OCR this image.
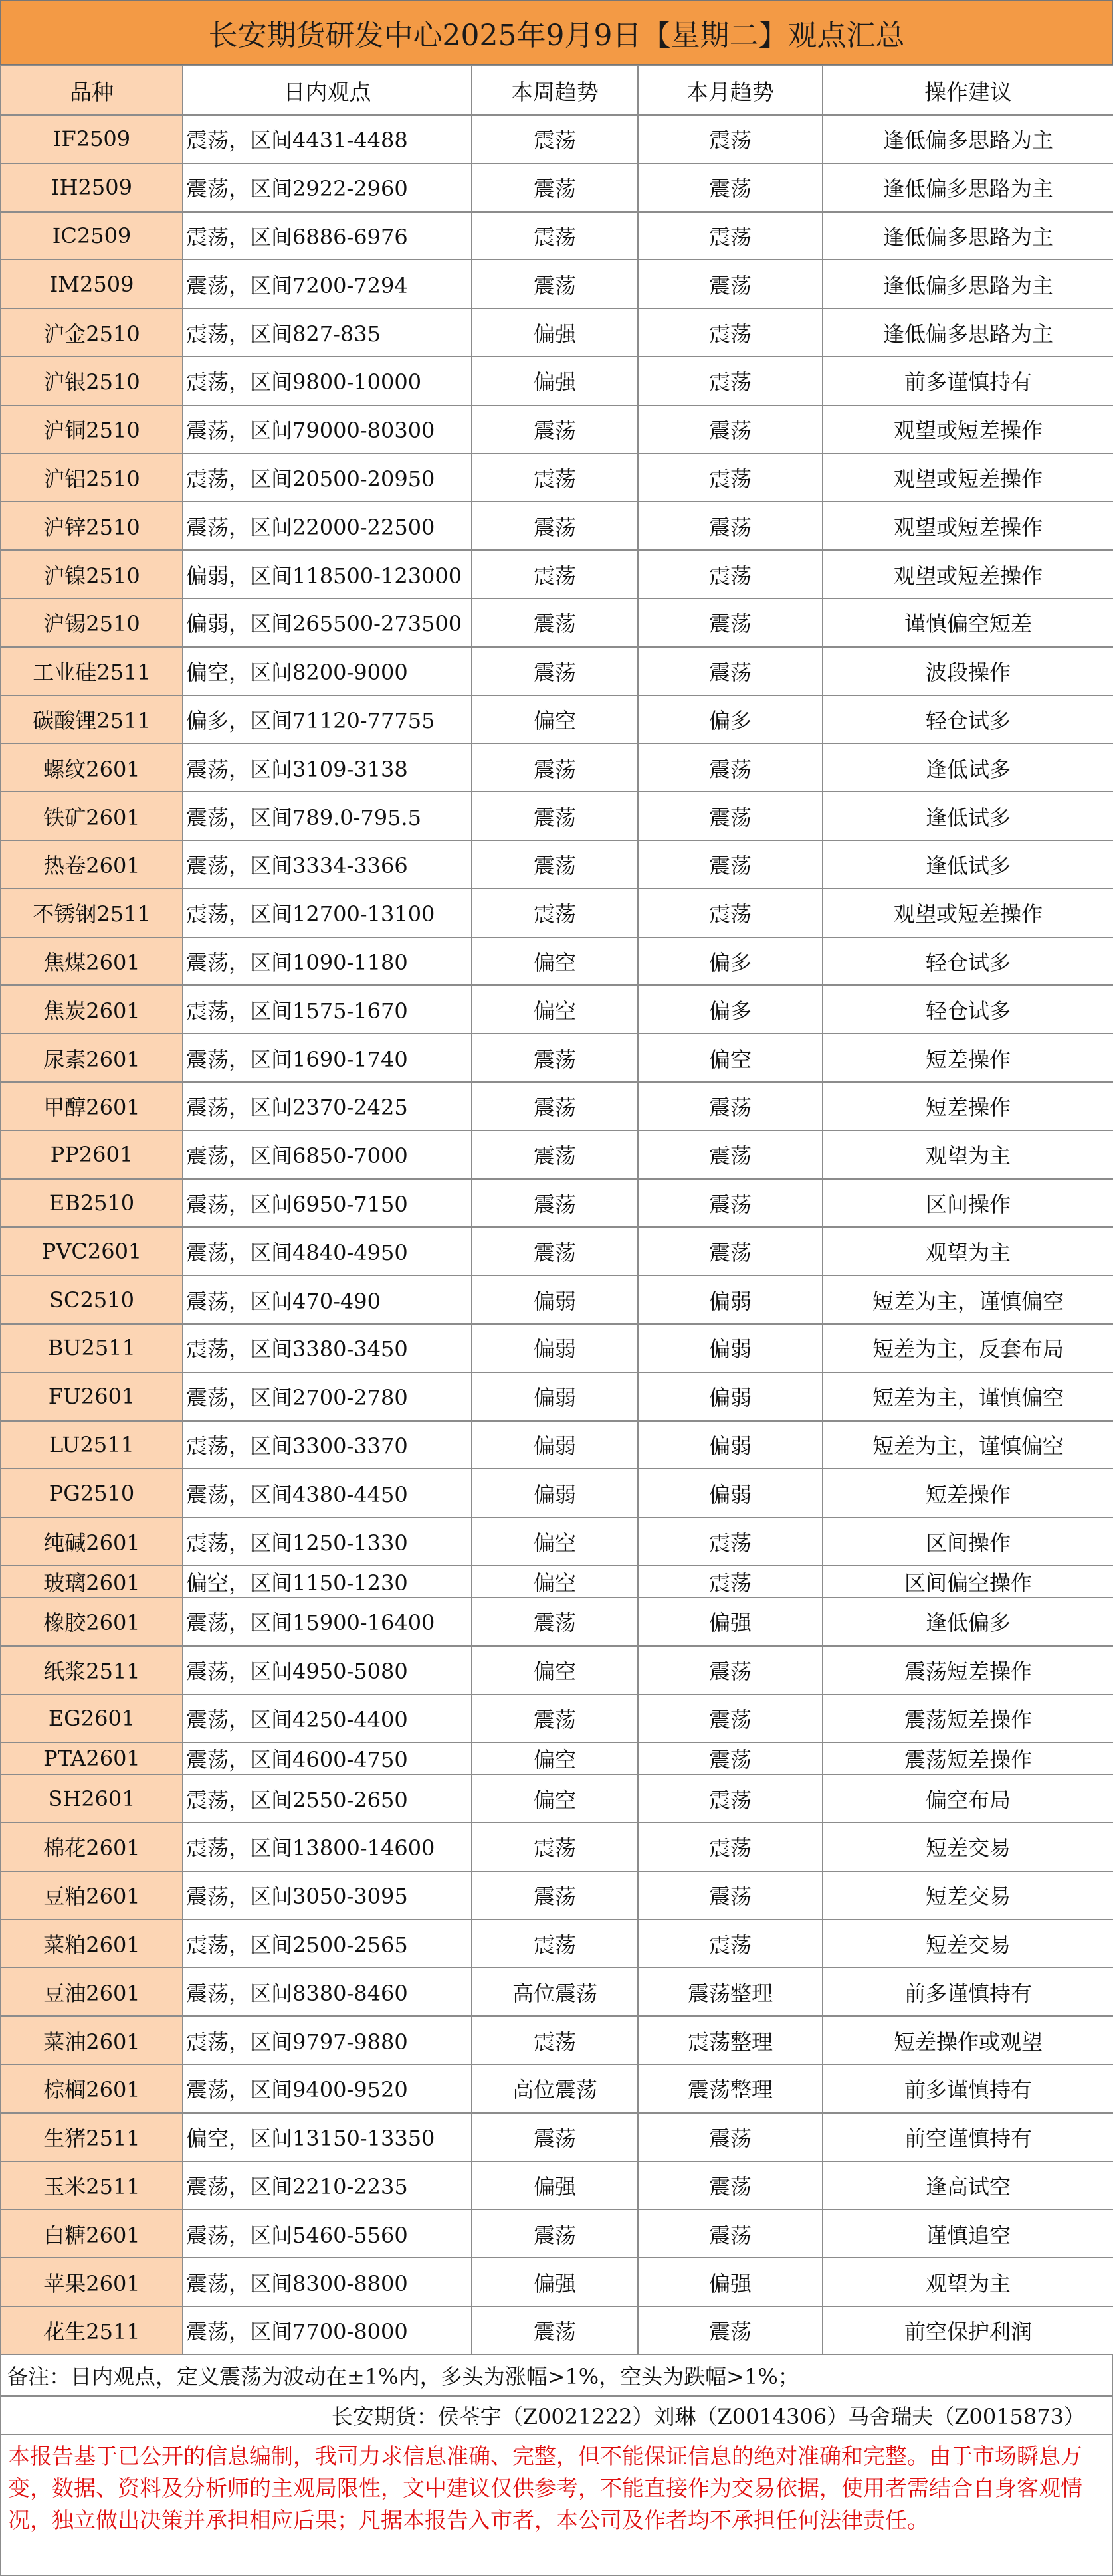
长安期货研发中心2025年9月9日【星期二】观点汇总
品种	日内观点	本周趋势	本月趋势	操作建议
IF2509	震荡，区间4431-4488	震荡	震荡	逢低偏多思路为主
IH2509	震荡，区间2922-2960	震荡	震荡	逢低偏多思路为主
IC2509	震荡，区间6886-6976	震荡	震荡	逢低偏多思路为主
IM2509	震荡，区间7200-7294	震荡	震荡	逢低偏多思路为主
沪金2510	震荡，区间827-835	偏强	震荡	逢低偏多思路为主
沪银2510	震荡，区间9800-10000	偏强	震荡	前多谨慎持有
沪铜2510	震荡，区间79000-80300	震荡	震荡	观望或短差操作
沪铝2510	震荡，区间20500-20950	震荡	震荡	观望或短差操作
沪锌2510	震荡，区间22000-22500	震荡	震荡	观望或短差操作
沪镍2510	偏弱，区间118500-123000	震荡	震荡	观望或短差操作
沪锡2510	偏弱，区间265500-273500	震荡	震荡	谨慎偏空短差
工业硅2511	偏空，区间8200-9000	震荡	震荡	波段操作
碳酸锂2511	偏多，区间71120-77755	偏空	偏多	轻仓试多
螺纹2601	震荡，区间3109-3138	震荡	震荡	逢低试多
铁矿2601	震荡，区间789.0-795.5	震荡	震荡	逢低试多
热卷2601	震荡，区间3334-3366	震荡	震荡	逢低试多
不锈钢2511	震荡，区间12700-13100	震荡	震荡	观望或短差操作
焦煤2601	震荡，区间1090-1180	偏空	偏多	轻仓试多
焦炭2601	震荡，区间1575-1670	偏空	偏多	轻仓试多
尿素2601	震荡，区间1690-1740	震荡	偏空	短差操作
甲醇2601	震荡，区间2370-2425	震荡	震荡	短差操作
PP2601	震荡，区间6850-7000	震荡	震荡	观望为主
EB2510	震荡，区间6950-7150	震荡	震荡	区间操作
PVC2601	震荡，区间4840-4950	震荡	震荡	观望为主
SC2510	震荡，区间470-490	偏弱	偏弱	短差为主，谨慎偏空
BU2511	震荡，区间3380-3450	偏弱	偏弱	短差为主，反套布局
FU2601	震荡，区间2700-2780	偏弱	偏弱	短差为主，谨慎偏空
LU2511	震荡，区间3300-3370	偏弱	偏弱	短差为主，谨慎偏空
PG2510	震荡，区间4380-4450	偏弱	偏弱	短差操作
纯碱2601	震荡，区间1250-1330	偏空	震荡	区间操作
玻璃2601	偏空，区间1150-1230	偏空	震荡	区间偏空操作
橡胶2601	震荡，区间15900-16400	震荡	偏强	逢低偏多
纸浆2511	震荡，区间4950-5080	偏空	震荡	震荡短差操作
EG2601	震荡，区间4250-4400	震荡	震荡	震荡短差操作
PTA2601	震荡，区间4600-4750	偏空	震荡	震荡短差操作
SH2601	震荡，区间2550-2650	偏空	震荡	偏空布局
棉花2601	震荡，区间13800-14600	震荡	震荡	短差交易
豆粕2601	震荡，区间3050-3095	震荡	震荡	短差交易
菜粕2601	震荡，区间2500-2565	震荡	震荡	短差交易
豆油2601	震荡，区间8380-8460	高位震荡	震荡整理	前多谨慎持有
菜油2601	震荡，区间9797-9880	震荡	震荡整理	短差操作或观望
棕榈2601	震荡，区间9400-9520	高位震荡	震荡整理	前多谨慎持有
生猪2511	偏空，区间13150-13350	震荡	震荡	前空谨慎持有
玉米2511	震荡，区间2210-2235	偏强	震荡	逢高试空
白糖2601	震荡，区间5460-5560	震荡	震荡	谨慎追空
苹果2601	震荡，区间8300-8800	偏强	偏强	观望为主
花生2511	震荡，区间7700-8000	震荡	震荡	前空保护利润
备注：日内观点，定义震荡为波动在±1%内，多头为涨幅>1%，空头为跌幅>1%；
长安期货：侯荃宇（Z0021222）刘琳（Z0014306）马舍瑞夫（Z0015873）
本报告基于已公开的信息编制，我司力求信息准确、完整，但不能保证信息的绝对准确和完整。由于市场瞬息万变，数据、资料及分析师的主观局限性，文中建议仅供参考，不能直接作为交易依据，使用者需结合自身客观情况，独立做出决策并承担相应后果；凡据本报告入市者，本公司及作者均不承担任何法律责任。
